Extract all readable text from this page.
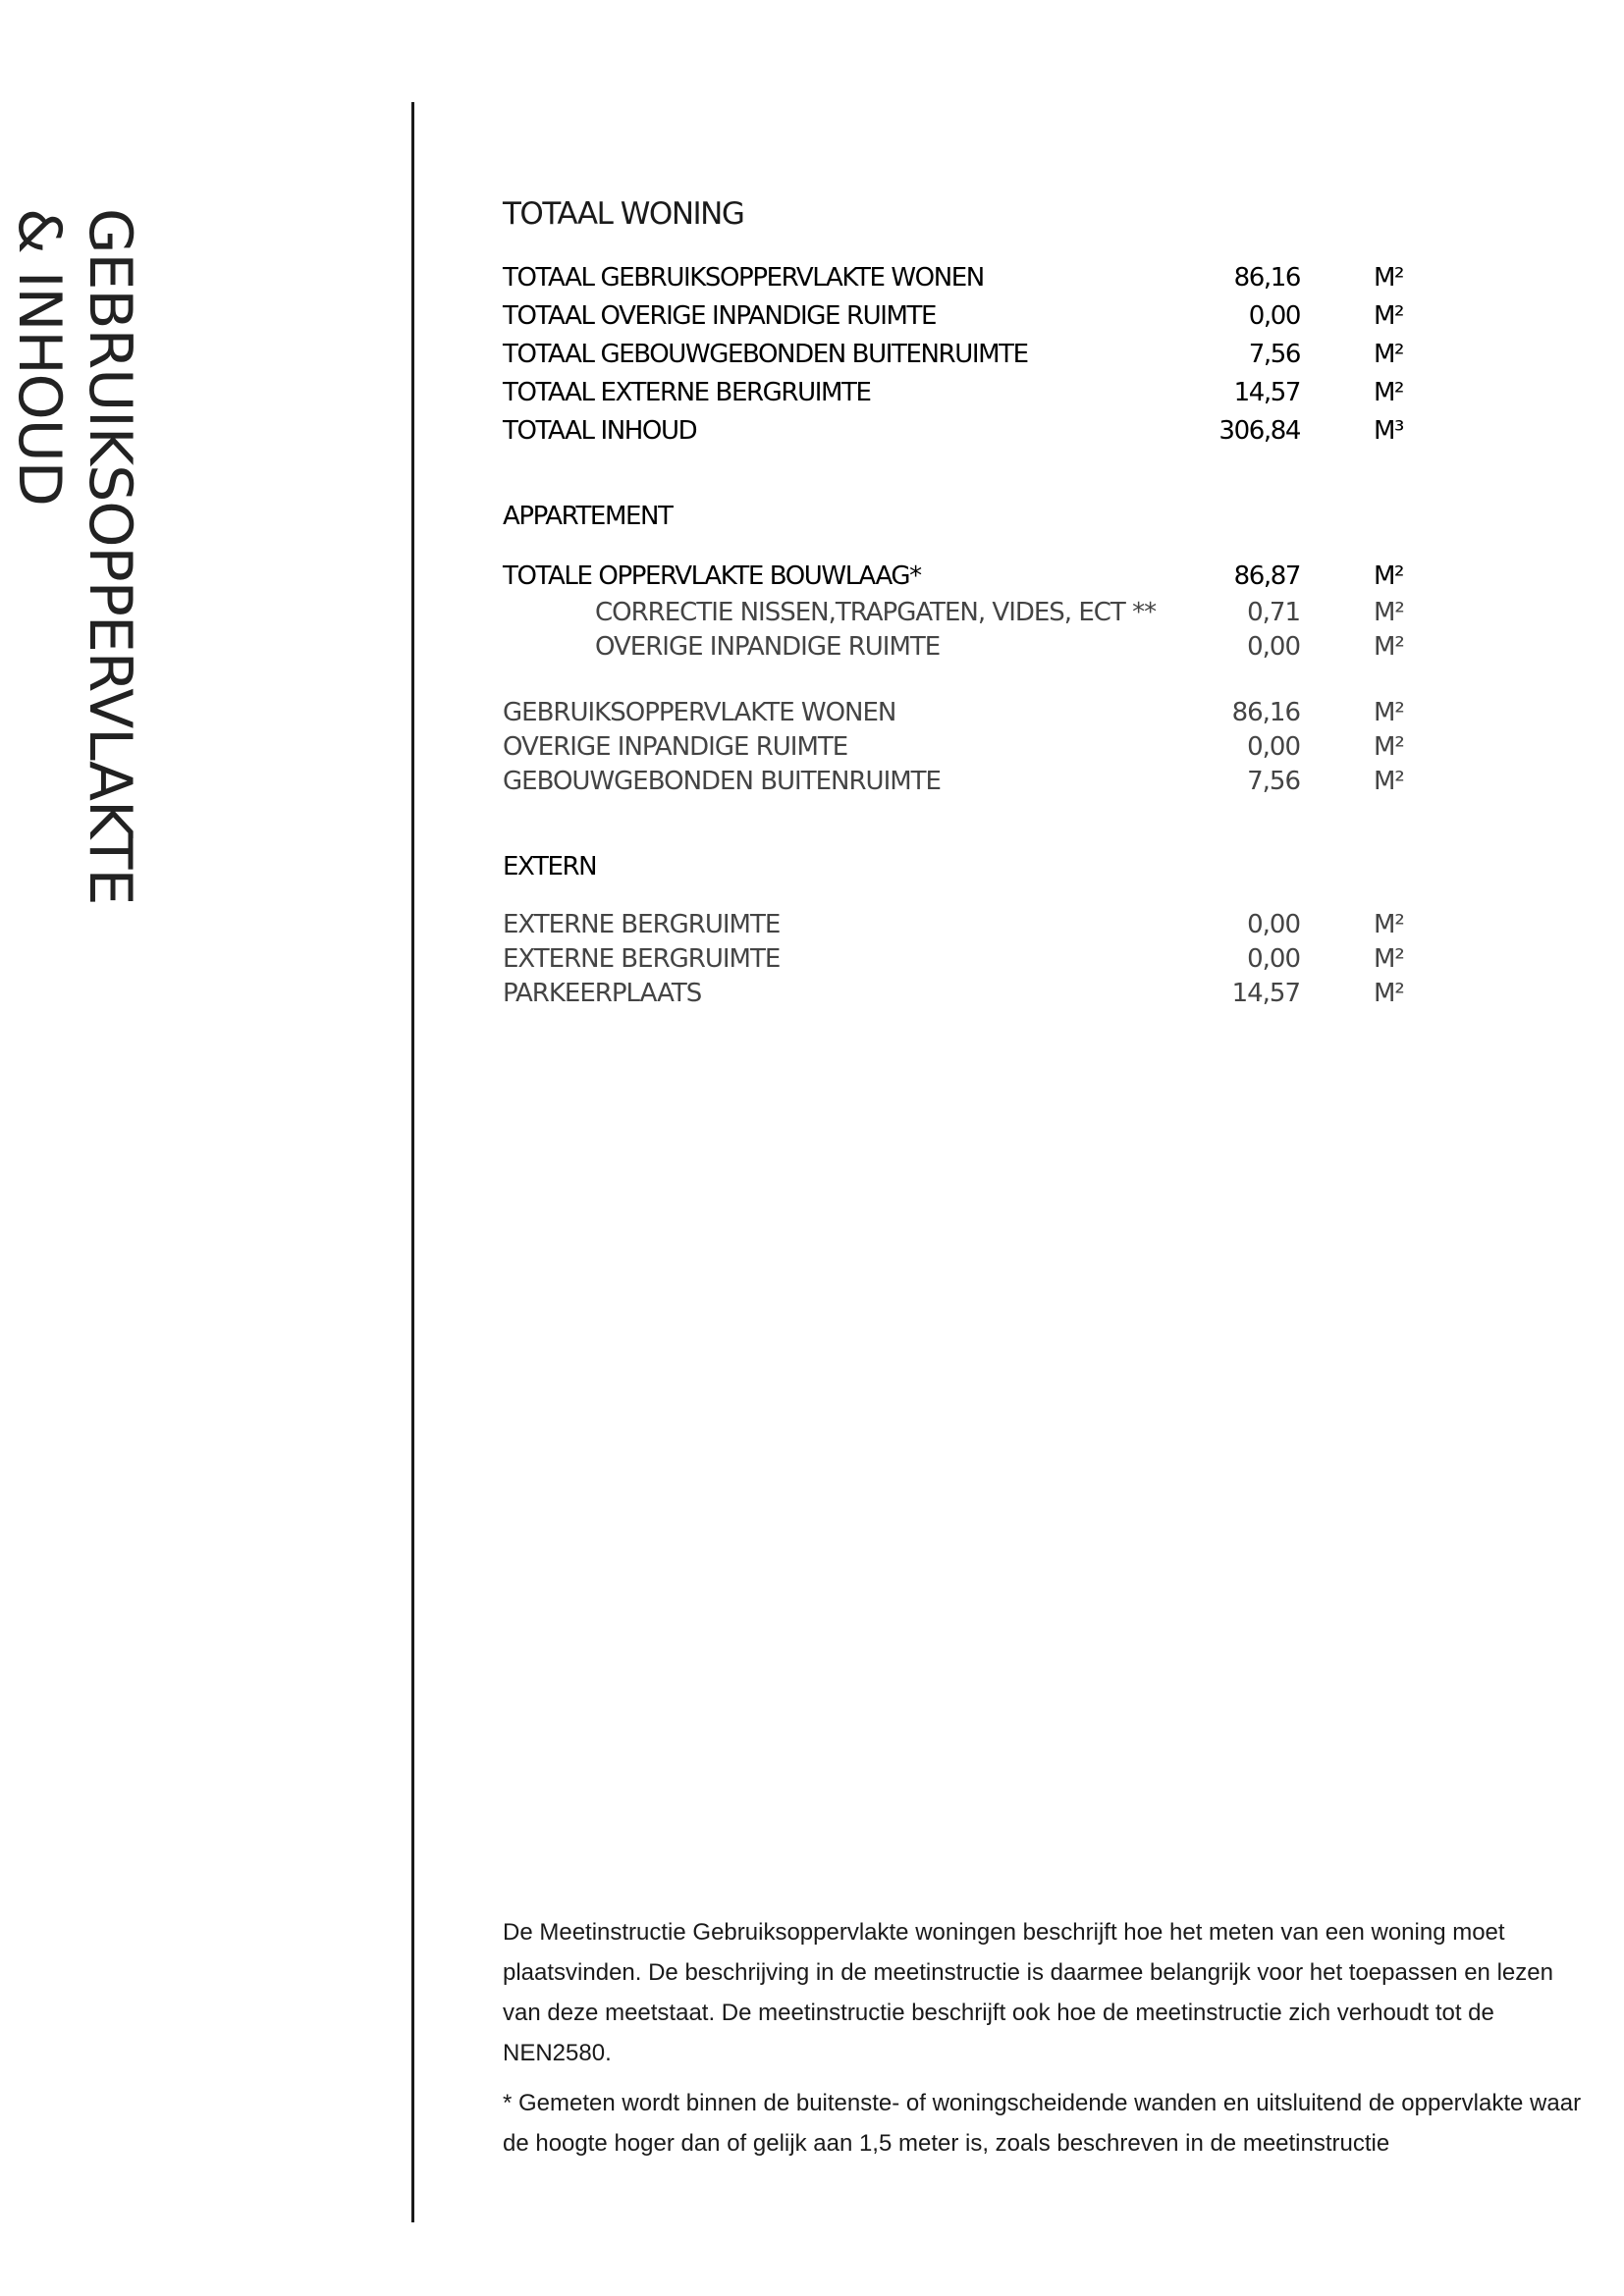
GEBRUIKSOPPERVLAKTE
& INHOUD	TOTAAL WONING
TOTAAL GEBRUIKSOPPERVLAKTE WONEN	86,16	M²
TOTAAL OVERIGE INPANDIGE RUIMTE	0,00	M²
TOTAAL GEBOUWGEBONDEN BUITENRUIMTE	7,56	M²
TOTAAL EXTERNE BERGRUIMTE	14,57	M²
TOTAAL INHOUD	306,84	M³
APPARTEMENT
TOTALE OPPERVLAKTE BOUWLAAG*	86,87	M²
CORRECTIE NISSEN,TRAPGATEN, VIDES, ECT **	0,71	M²
OVERIGE INPANDIGE RUIMTE	0,00	M²
GEBRUIKSOPPERVLAKTE WONEN	86,16	M²
OVERIGE INPANDIGE RUIMTE	0,00	M²
GEBOUWGEBONDEN BUITENRUIMTE	7,56	M²
EXTERN
EXTERNE BERGRUIMTE	0,00	M²
EXTERNE BERGRUIMTE	0,00	M²
PARKEERPLAATS	14,57	M²

De Meetinstructie Gebruiksoppervlakte woningen beschrijft hoe het meten van een woning moet plaatsvinden. De beschrijving in de meetinstructie is daarmee belangrijk voor het toepassen en lezen van deze meetstaat. De meetinstructie beschrijft ook hoe de meetinstructie zich verhoudt tot de NEN2580.

* Gemeten wordt binnen de buitenste- of woningscheidende wanden en uitsluitend de oppervlakte waar de hoogte hoger dan of gelijk aan 1,5 meter is, zoals beschreven in de meetinstructie
